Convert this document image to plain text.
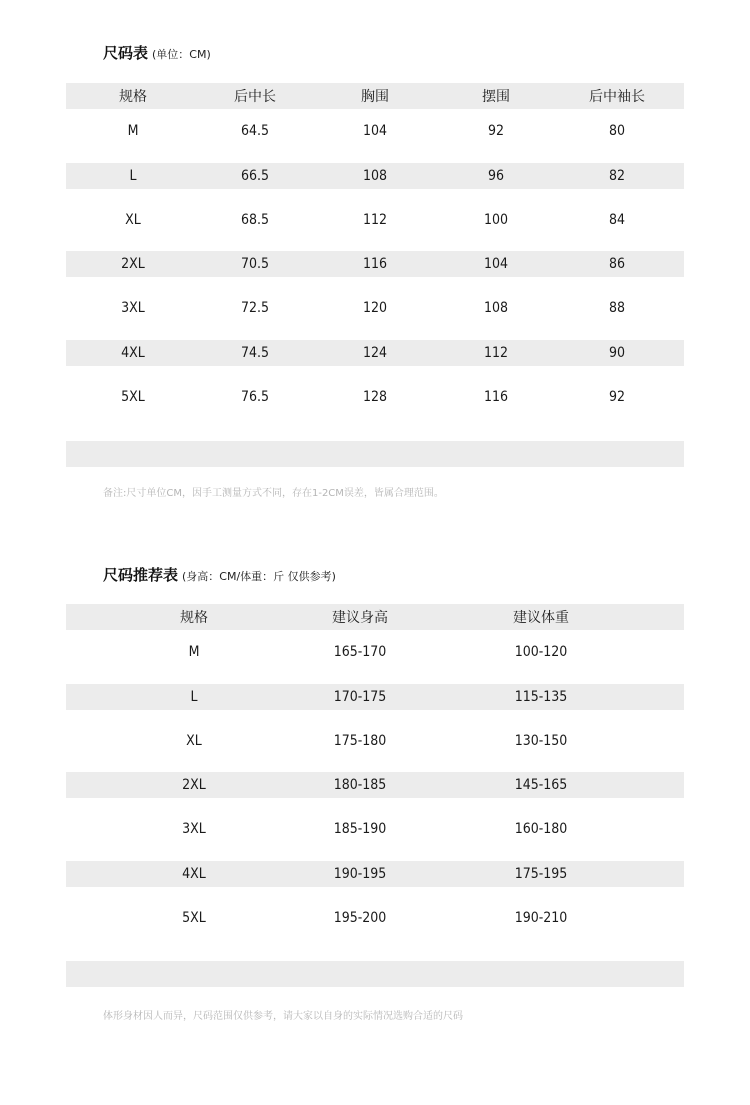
尺码表 (单位：CM)
规格	后中长	胸围	摆围	后中袖长
M	64.5	104	92	80
L	66.5	108	96	82
XL	68.5	112	100	84
2XL	70.5	116	104	86
3XL	72.5	120	108	88
4XL	74.5	124	112	90
5XL	76.5	128	116	92
备注:尺寸单位CM，因手工测量方式不同，存在1-2CM误差，皆属合理范围。
尺码推荐表 (身高：CM/体重：斤 仅供参考)
规格	建议身高	建议体重
M	165-170	100-120
L	170-175	115-135
XL	175-180	130-150
2XL	180-185	145-165
3XL	185-190	160-180
4XL	190-195	175-195
5XL	195-200	190-210
体形身材因人而异，尺码范围仅供参考，请大家以自身的实际情况选购合适的尺码
